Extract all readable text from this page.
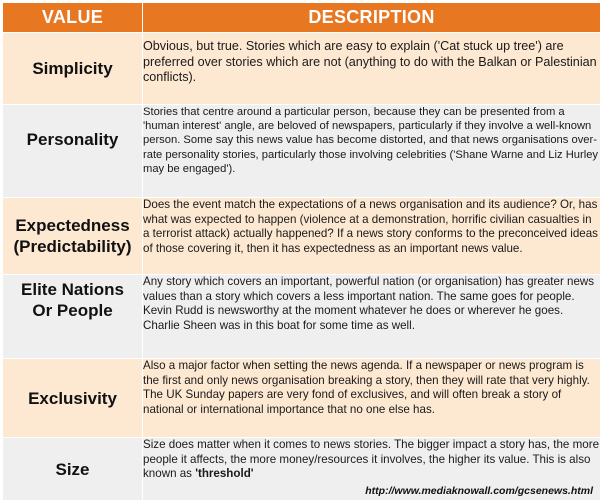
VALUE	DESCRIPTION
Simplicity	Obvious, but true. Stories which are easy to explain ('Cat stuck up tree') are preferred over stories which are not (anything to do with the Balkan or Palestinian conflicts).
Personality	Stories that centre around a particular person, because they can be presented from a 'human interest' angle, are beloved of newspapers, particularly if they involve a well-known person. Some say this news value has become distorted, and that news organisations over-rate personality stories, particularly those involving celebrities ('Shane Warne and Liz Hurley may be engaged').

Expectedness
(Predictability)	Does the event match the expectations of a news organisation and its audience? Or, has what was expected to happen (violence at a demonstration, horrific civilian casualties in a terrorist attack) actually happened? If a news story conforms to the preconceived ideas of those covering it, then it has expectedness as an important news value.

Elite Nations
Or People	Any story which covers an important, powerful nation (or organisation) has greater news values than a story which covers a less important nation. The same goes for people. Kevin Rudd is newsworthy at the moment whatever he does or wherever he goes. Charlie Sheen was in this boat for some time as well.
Exclusivity	Also a major factor when setting the news agenda. If a newspaper or news program is the first and only news organisation breaking a story, then they will rate that very highly. The UK Sunday papers are very fond of exclusives, and will often break a story of national or international importance that no one else has.
Size	Size does matter when it comes to news stories. The bigger impact a story has, the more people it affects, the more money/resources it involves, the higher its value. This is also known as 'threshold'
http://www.mediaknowall.com/gcsenews.html
